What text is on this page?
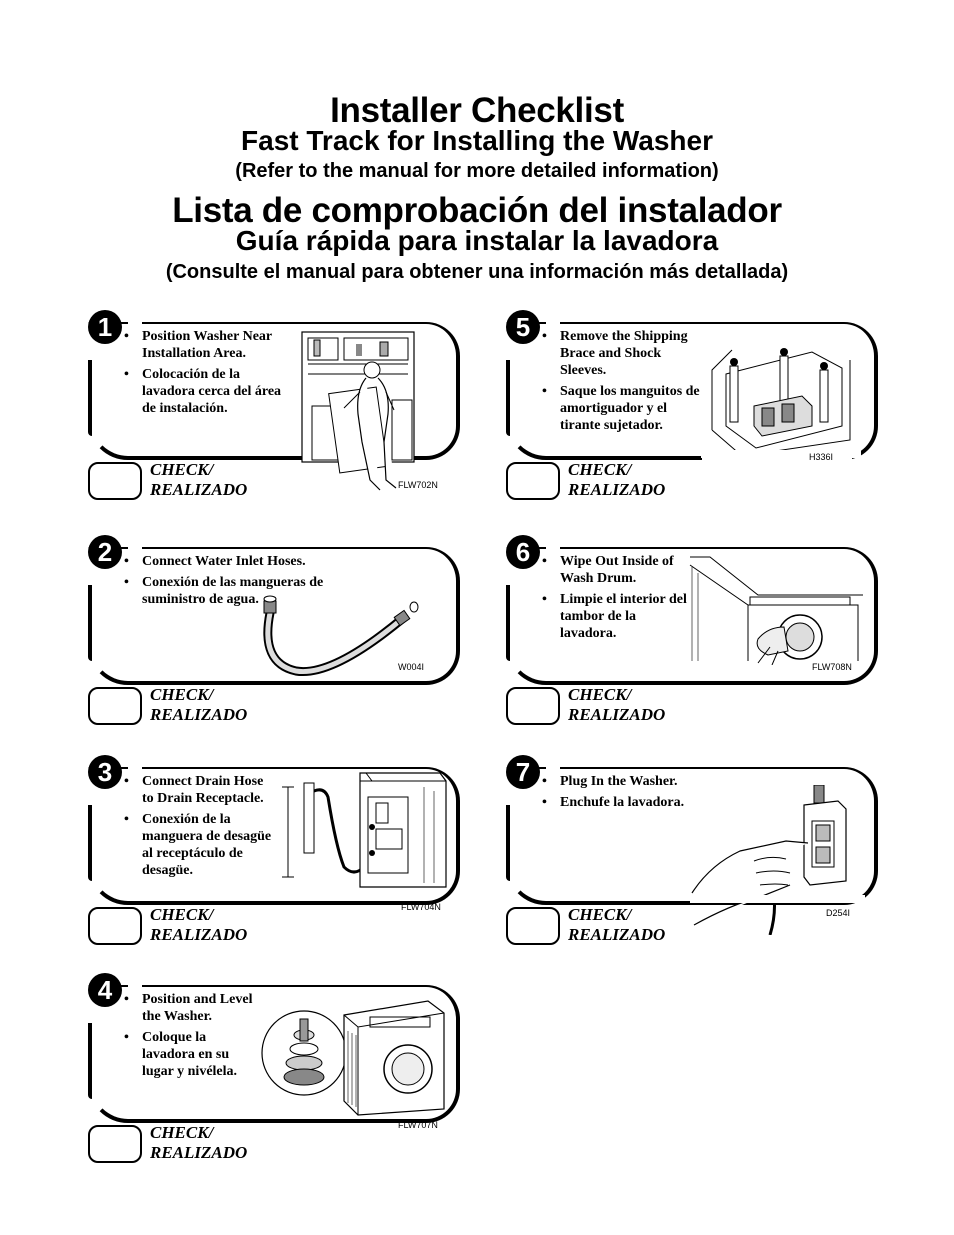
Installer Checklist
Fast Track for Installing the Washer
(Refer to the manual for more detailed information)
Lista de comprobación del instalador
Guía rápida para instalar la lavadora
(Consulte el manual para obtener una información más detallada)
1	• Position Washer Near Installation Area.
• Colocación de la lavadora cerca del área de instalación.
CHECK/
REALIZADO	FLW702N
2	• Connect Water Inlet Hoses.
• Conexión de las mangueras de suministro de agua.
CHECK/
REALIZADO
W004I
3	• Connect Drain Hose to Drain Receptacle.
• Conexión de la manguera de desagüe al receptáculo de desagüe.
CHECK/
REALIZADO
FLW704N
4	• Position and Level the Washer.
• Coloque la lavadora en su lugar y nivélela.
CHECK/
REALIZADO
FLW707N
5	• Remove the Shipping Brace and Shock Sleeves.
• Saque los manguitos de amortiguador y el tirante sujetador.
CHECK/
REALIZADO
H336I
6	• Wipe Out Inside of Wash Drum.
• Limpie el interior del tambor de la lavadora.
CHECK/
REALIZADO
FLW708N
7	• Plug In the Washer.
• Enchufe la lavadora.
CHECK/
REALIZADO
D254I
